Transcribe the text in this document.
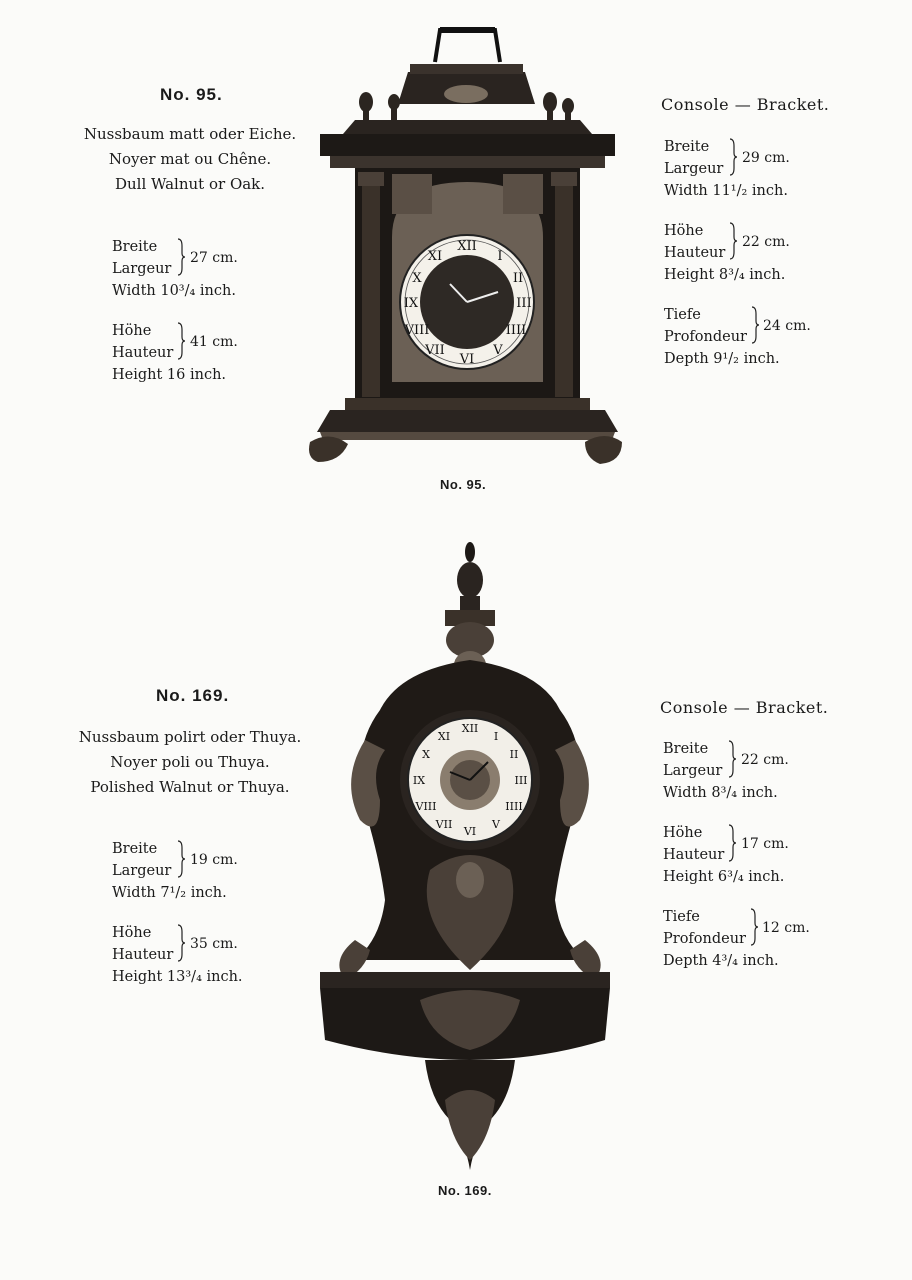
No. 95.
Nussbaum matt oder Eiche.
Noyer mat ou Chêne.
Dull Walnut or Oak.
Breite
Largeur
Width 10³/₄ inch.
27 cm.
Höhe
Hauteur
Height 16 inch.
41 cm.
XII
I
II
III
IIII
V
VI
VII
VIII
IX
X
XI
Console — Bracket.
Breite
Largeur
Width 11¹/₂ inch.
29 cm.
Höhe
Hauteur
Height 8³/₄ inch.
22 cm.
Tiefe
Profondeur
Depth 9¹/₂ inch.
24 cm.
No. 95.
No. 169.
Nussbaum polirt oder Thuya.
Noyer poli ou Thuya.
Polished Walnut or Thuya.
Breite
Largeur
Width 7¹/₂ inch.
19 cm.
Höhe
Hauteur
Height 13³/₄ inch.
35 cm.
XII
I
II
III
IIII
V
VI
VII
VIII
IX
X
XI
Console — Bracket.
Breite
Largeur
Width 8³/₄ inch.
22 cm.
Höhe
Hauteur
Height 6³/₄ inch.
17 cm.
Tiefe
Profondeur
Depth 4³/₄ inch.
12 cm.
No. 169.
